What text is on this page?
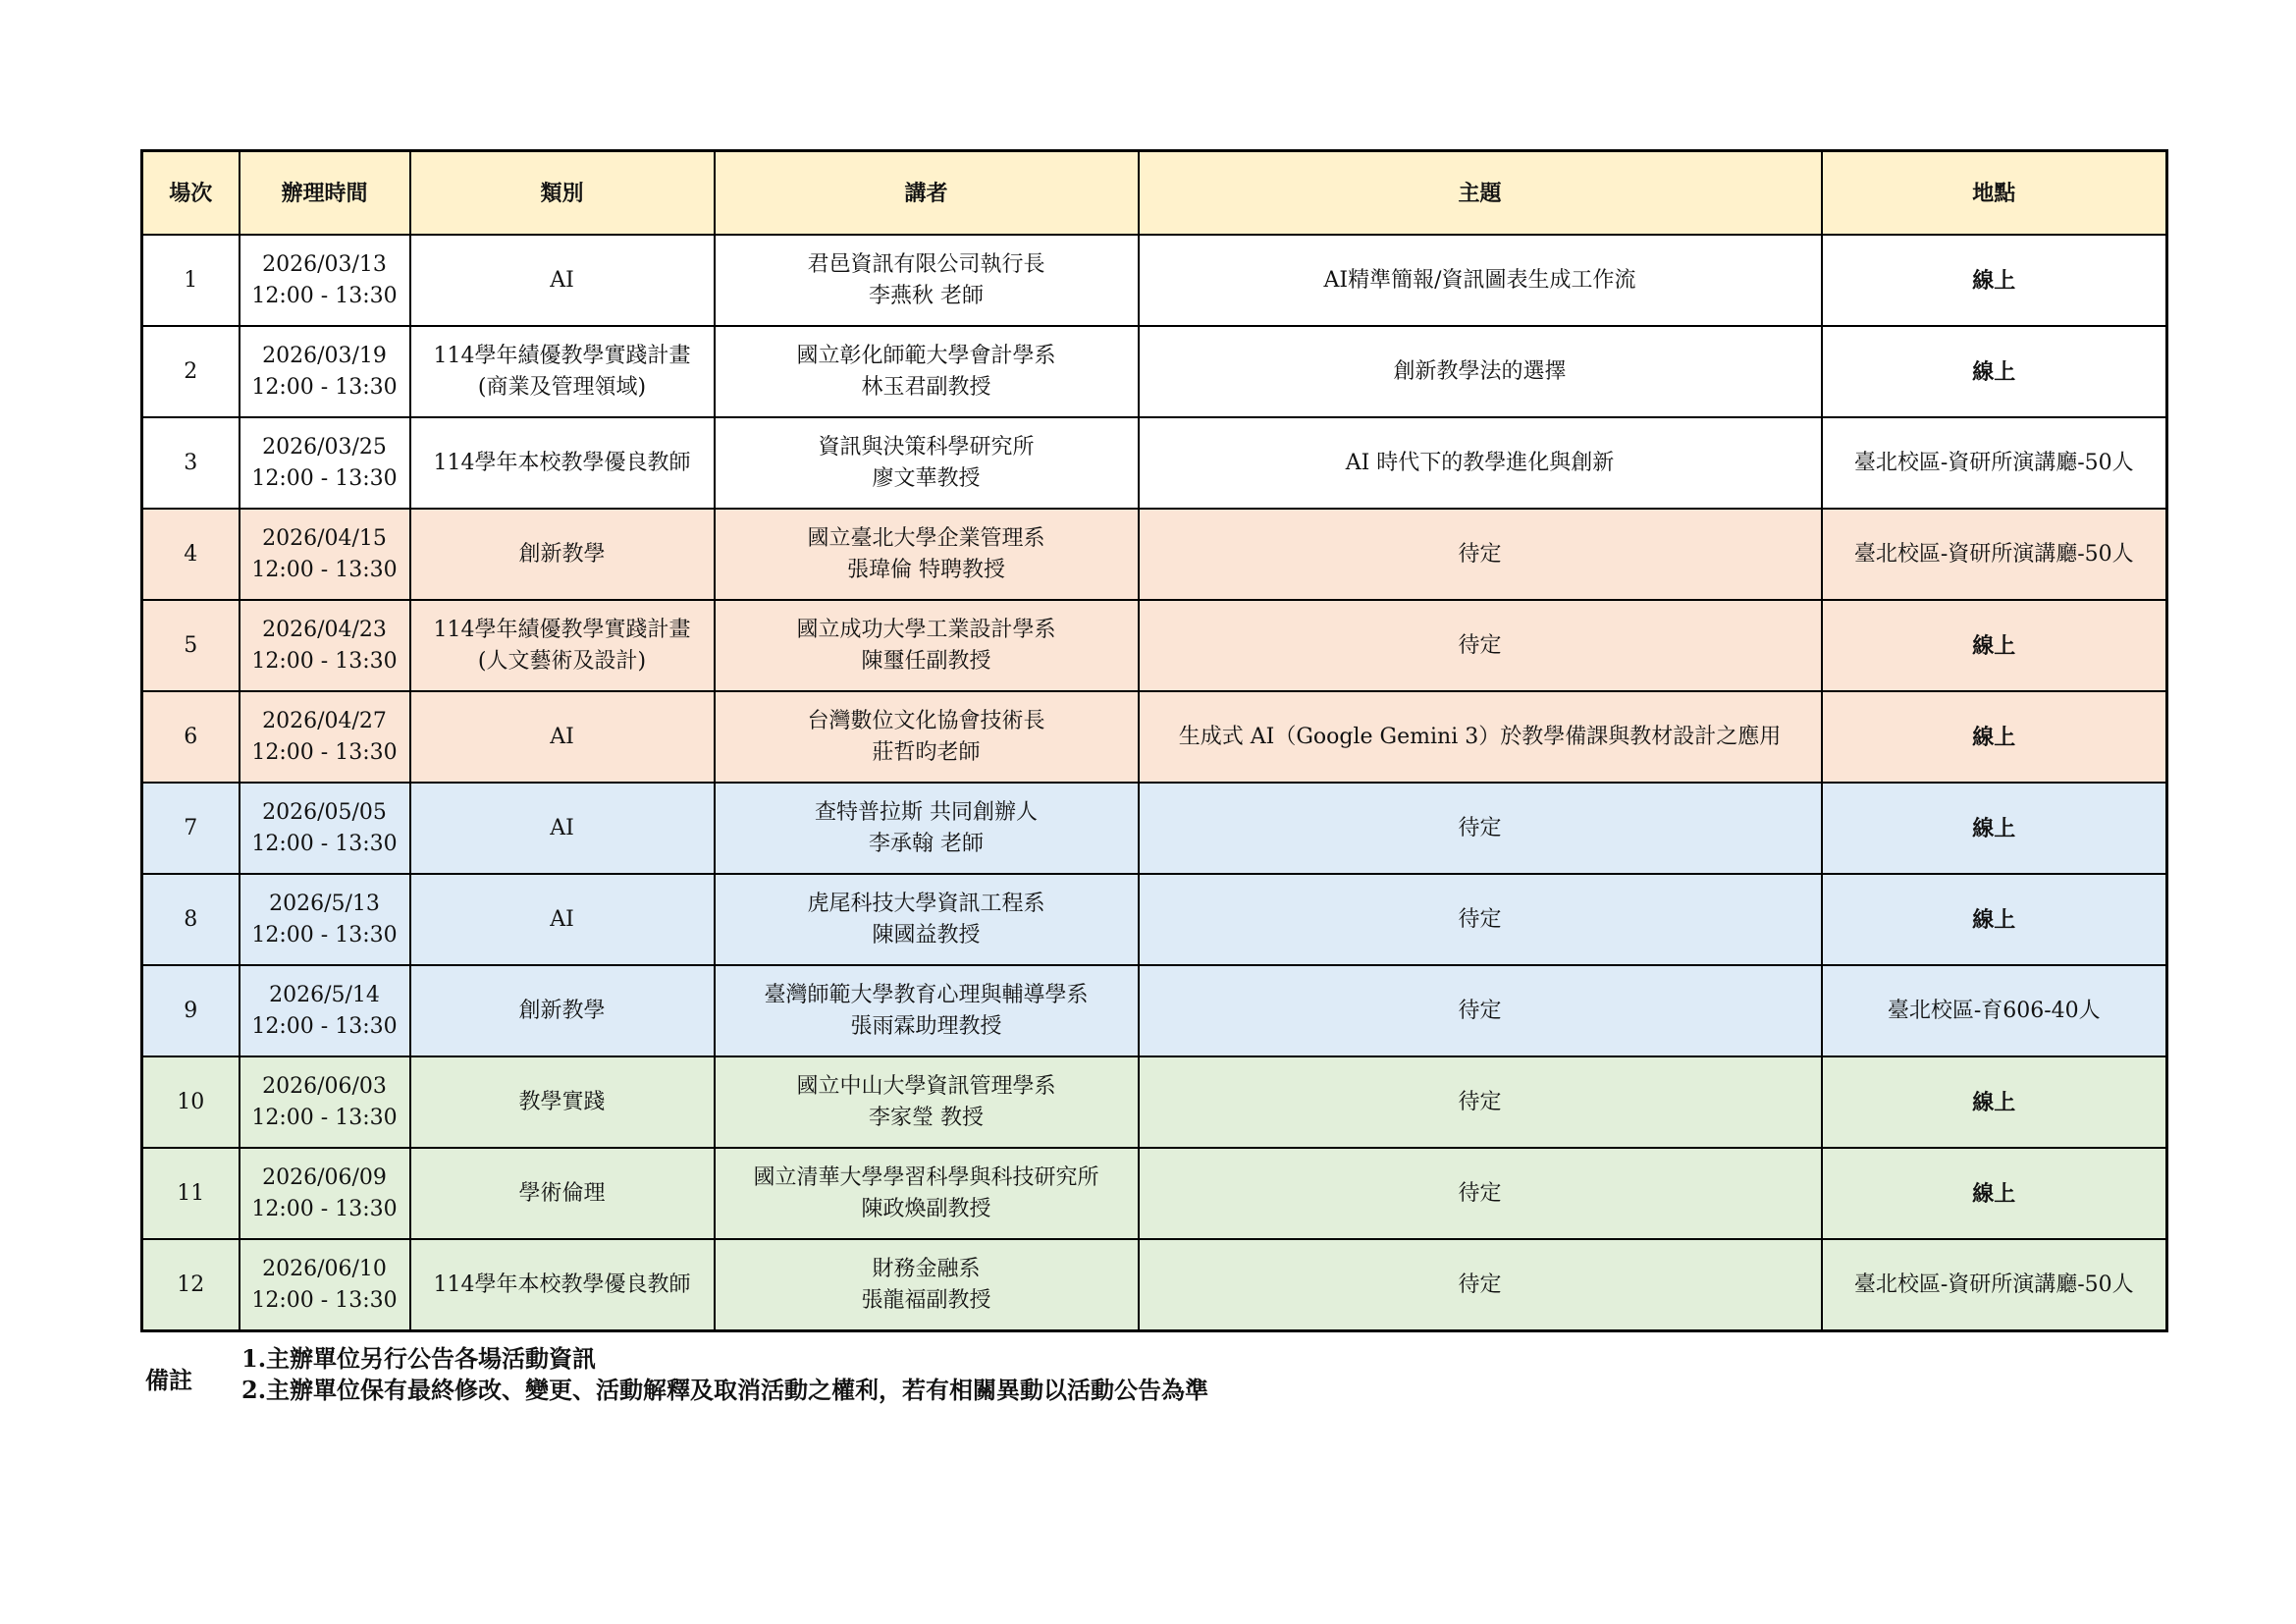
場次	辦理時間	類別	講者	主題	地點

1	2026/03/13
12:00 - 13:30	AI	君邑資訊有限公司執行長
李燕秋 老師	AI精準簡報/資訊圖表生成工作流	線上

2	2026/03/19
12:00 - 13:30	114學年績優教學實踐計畫
(商業及管理領域)	國立彰化師範大學會計學系
林玉君副教授	創新教學法的選擇	線上

3	2026/03/25
12:00 - 13:30	114學年本校教學優良教師	資訊與決策科學研究所
廖文華教授	AI 時代下的教學進化與創新	臺北校區-資研所演講廳-50人

4	2026/04/15
12:00 - 13:30	創新教學	國立臺北大學企業管理系
張瑋倫 特聘教授	待定	臺北校區-資研所演講廳-50人

5	2026/04/23
12:00 - 13:30	114學年績優教學實踐計畫
(人文藝術及設計)	國立成功大學工業設計學系
陳璽任副教授	待定	線上

6	2026/04/27
12:00 - 13:30	AI	台灣數位文化協會技術長
莊哲昀老師	生成式 AI（Google Gemini 3）於教學備課與教材設計之應用	線上

7	2026/05/05
12:00 - 13:30	AI	查特普拉斯 共同創辦人
李承翰 老師	待定	線上

8	2026/5/13
12:00 - 13:30	AI	虎尾科技大學資訊工程系
陳國益教授	待定	線上

9	2026/5/14
12:00 - 13:30	創新教學	臺灣師範大學教育心理與輔導學系
張雨霖助理教授	待定	臺北校區-育606-40人

10	2026/06/03
12:00 - 13:30	教學實踐	國立中山大學資訊管理學系
李家瑩 教授	待定	線上

11	2026/06/09
12:00 - 13:30	學術倫理	國立清華大學學習科學與科技研究所
陳政煥副教授	待定	線上

12	2026/06/10
12:00 - 13:30	114學年本校教學優良教師	財務金融系
張龍福副教授	待定	臺北校區-資研所演講廳-50人
備註
1.主辦單位另行公告各場活動資訊
2.主辦單位保有最終修改、變更、活動解釋及取消活動之權利，若有相關異動以活動公告為準
